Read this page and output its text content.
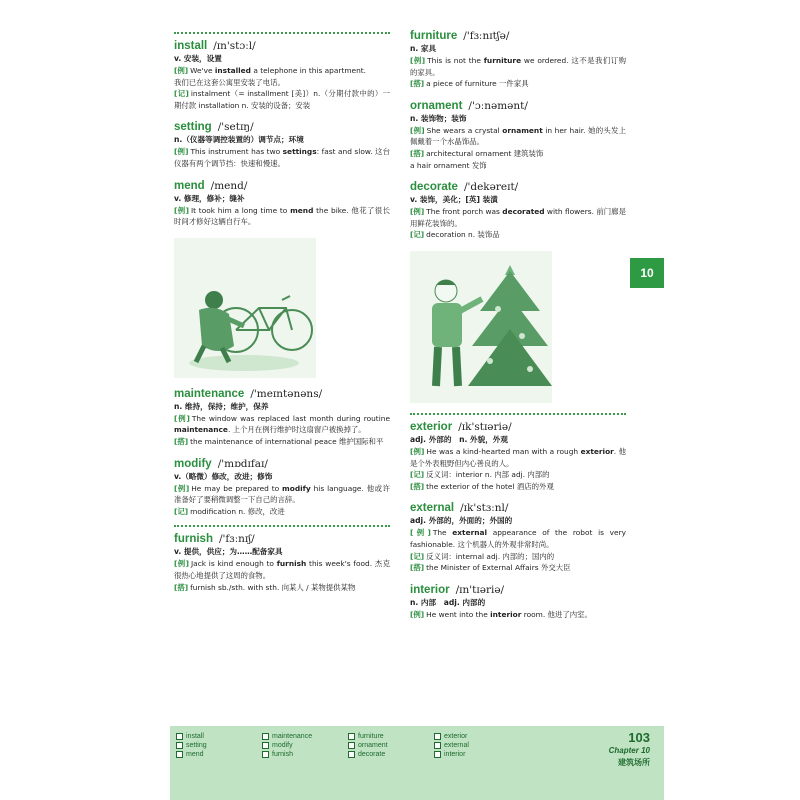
install /ɪn'stɔːl/
v. 安装，设置
[例] We've installed a telephone in this apartment.
我们已在这套公寓里安装了电话。
[记] instalment（= installment [美]）n.（分期付款中的）一期付款 installation n. 安装的设备；安装
setting /'setɪŋ/
n.（仪器等调控装置的）调节点；环境
[例] This instrument has two settings: fast and slow. 这台仪器有两个调节挡：快速和慢速。
mend /mend/
v. 修理，修补；缝补
[例] It took him a long time to mend the bike. 他花了很长时间才修好这辆自行车。
maintenance /'meɪntənəns/
n. 维持，保持；维护，保养
[例] The window was replaced last month during routine maintenance. 上个月在例行维护时这扇窗户被换掉了。
[搭] the maintenance of international peace 维护国际和平
modify /'mɒdɪfaɪ/
v.（略微）修改，改进；修饰
[例] He may be prepared to modify his language. 他或许准备好了要稍微调整一下自己的言辞。
[记] modification n. 修改，改进
furnish /'fɜːnɪʃ/
v. 提供，供应；为……配备家具
[例] Jack is kind enough to furnish this week's food. 杰克很热心地提供了这周的食物。
[搭] furnish sb./sth. with sth. 向某人 / 某物提供某物
furniture /'fɜːnɪtʃə/
n. 家具
[例] This is not the furniture we ordered. 这不是我们订购的家具。
[搭] a piece of furniture 一件家具
ornament /'ɔːnəmənt/
n. 装饰物；装饰
[例] She wears a crystal ornament in her hair. 她的头发上佩戴着一个水晶饰品。
[搭] architectural ornament 建筑装饰
a hair ornament 发饰
decorate /'dekəreɪt/
v. 装饰，美化；[英] 装潢
[例] The front porch was decorated with flowers. 前门廊是用鲜花装饰的。
[记] decoration n. 装饰品
exterior /ɪk'stɪəriə/
adj. 外部的　n. 外貌，外观
[例] He was a kind-hearted man with a rough exterior. 他是个外表粗野但内心善良的人。
[记] 反义词：interior n. 内部 adj. 内部的
[搭] the exterior of the hotel 酒店的外观
external /ɪk'stɜːnl/
adj. 外部的，外面的；外国的
[例] The external appearance of the robot is very fashionable. 这个机器人的外观非常时尚。
[记] 反义词：internal adj. 内部的；国内的
[搭] the Minister of External Affairs 外交大臣
interior /ɪn'tɪəriə/
n. 内部　adj. 内部的
[例] He went into the interior room. 他进了内室。
10
install
setting
mend
maintenance
modify
furnish
furniture
ornament
decorate
exterior
external
interior
103
Chapter 10
建筑场所
